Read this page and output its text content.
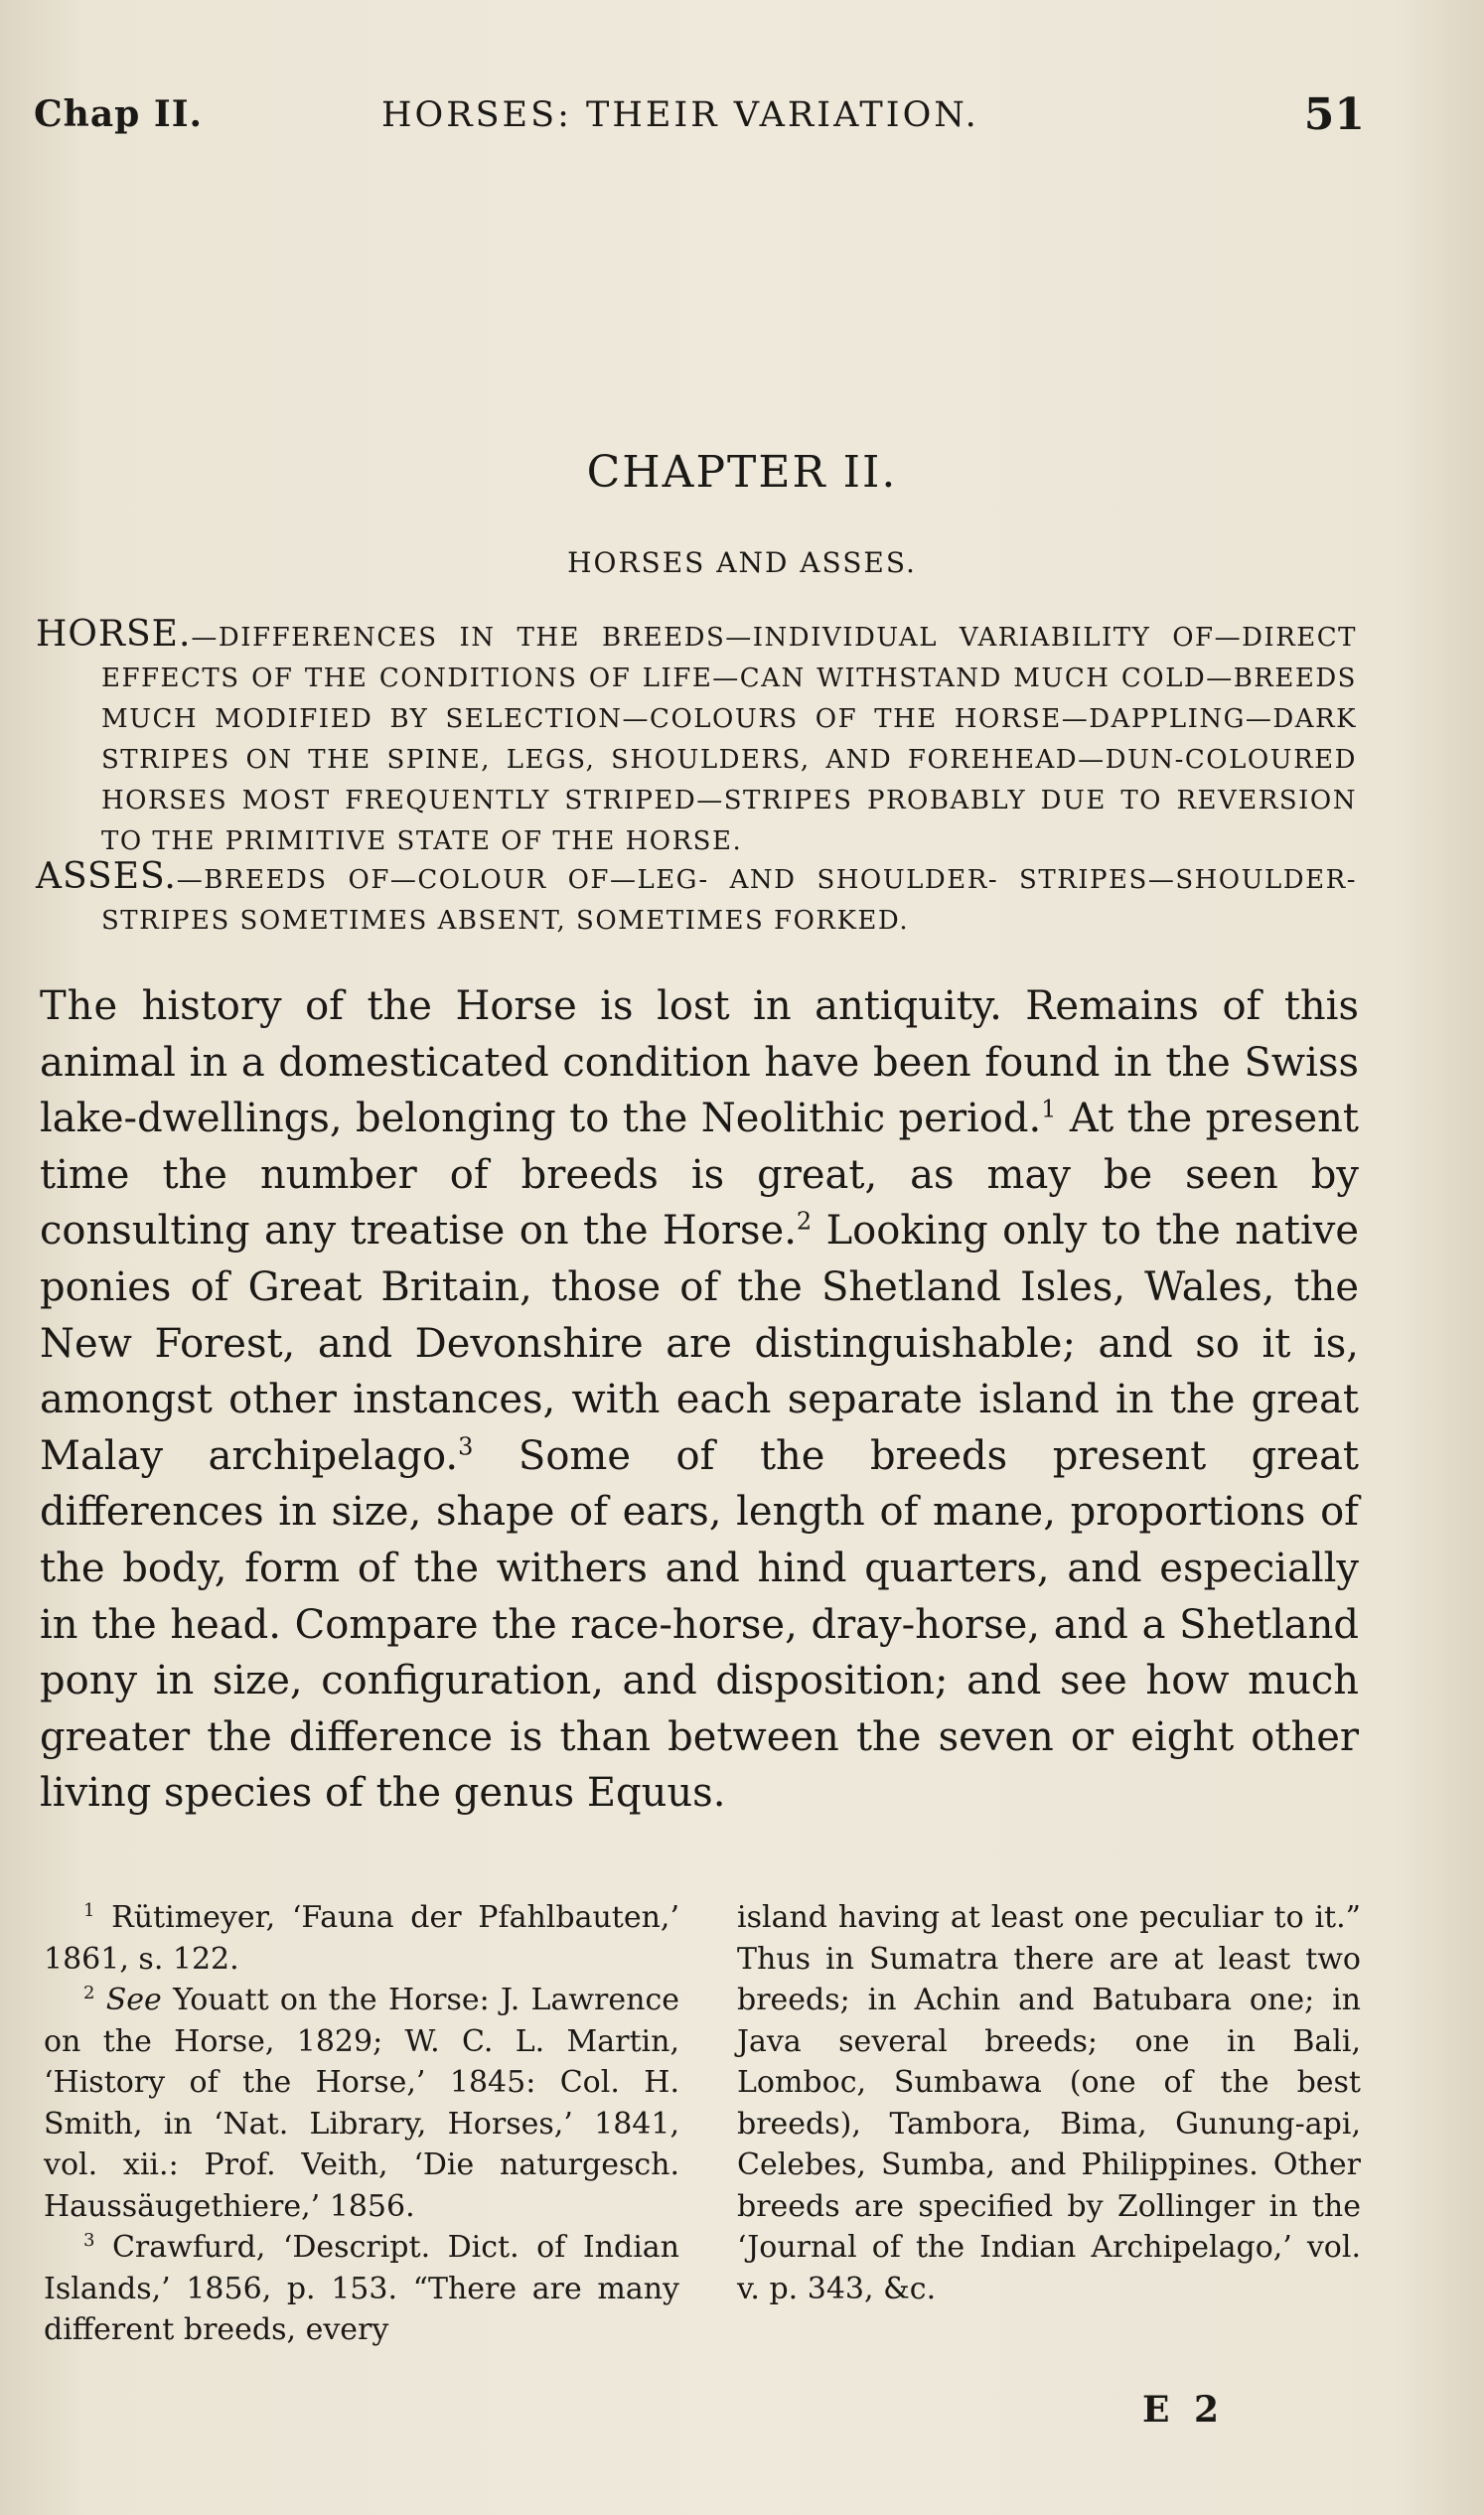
Chap II.	HORSES: THEIR VARIATION.	51
CHAPTER II.
HORSES AND ASSES.
HORSE.—DIFFERENCES IN THE BREEDS—INDIVIDUAL VARIABILITY OF—DIRECT EFFECTS OF THE CONDITIONS OF LIFE—CAN WITHSTAND MUCH COLD—BREEDS MUCH MODIFIED BY SELECTION—COLOURS OF THE HORSE—DAPPLING—DARK STRIPES ON THE SPINE, LEGS, SHOULDERS, AND FOREHEAD—DUN-COLOURED HORSES MOST FREQUENTLY STRIPED—STRIPES PROBABLY DUE TO REVERSION TO THE PRIMITIVE STATE OF THE HORSE.
ASSES.—BREEDS OF—COLOUR OF—LEG- AND SHOULDER- STRIPES—SHOULDER-STRIPES SOMETIMES ABSENT, SOMETIMES FORKED.
The history of the Horse is lost in antiquity. Remains of this animal in a domesticated condition have been found in the Swiss lake-dwellings, belonging to the Neolithic period.$^1$ At the present time the number of breeds is great, as may be seen by consulting any treatise on the Horse.$^2$ Looking only to the native ponies of Great Britain, those of the Shetland Isles, Wales, the New Forest, and Devonshire are distinguishable; and so it is, amongst other instances, with each separate island in the great Malay archipelago.$^3$ Some of the breeds present great differences in size, shape of ears, length of mane, proportions of the body, form of the withers and hind quarters, and especially in the head. Compare the race-horse, dray-horse, and a Shetland pony in size, configuration, and disposition; and see how much greater the difference is than between the seven or eight other living species of the genus Equus.

$^1$ Rütimeyer, ‘Fauna der Pfahlbauten,’ 1861, s. 122.

$^2$ See Youatt on the Horse: J. Lawrence on the Horse, 1829; W. C. L. Martin, ‘History of the Horse,’ 1845: Col. H. Smith, in ‘Nat. Library, Horses,’ 1841, vol. xii.: Prof. Veith, ‘Die naturgesch. Haussäugethiere,’ 1856.

$^3$ Crawfurd, ‘Descript. Dict. of Indian Islands,’ 1856, p. 153. “There are many different breeds, every

island having at least one peculiar to it.” Thus in Sumatra there are at least two breeds; in Achin and Batubara one; in Java several breeds; one in Bali, Lomboc, Sumbawa (one of the best breeds), Tambora, Bima, Gunung-api, Celebes, Sumba, and Philippines. Other breeds are specified by Zollinger in the ‘Journal of the Indian Archipelago,’ vol. v. p. 343, &c.

E 2
